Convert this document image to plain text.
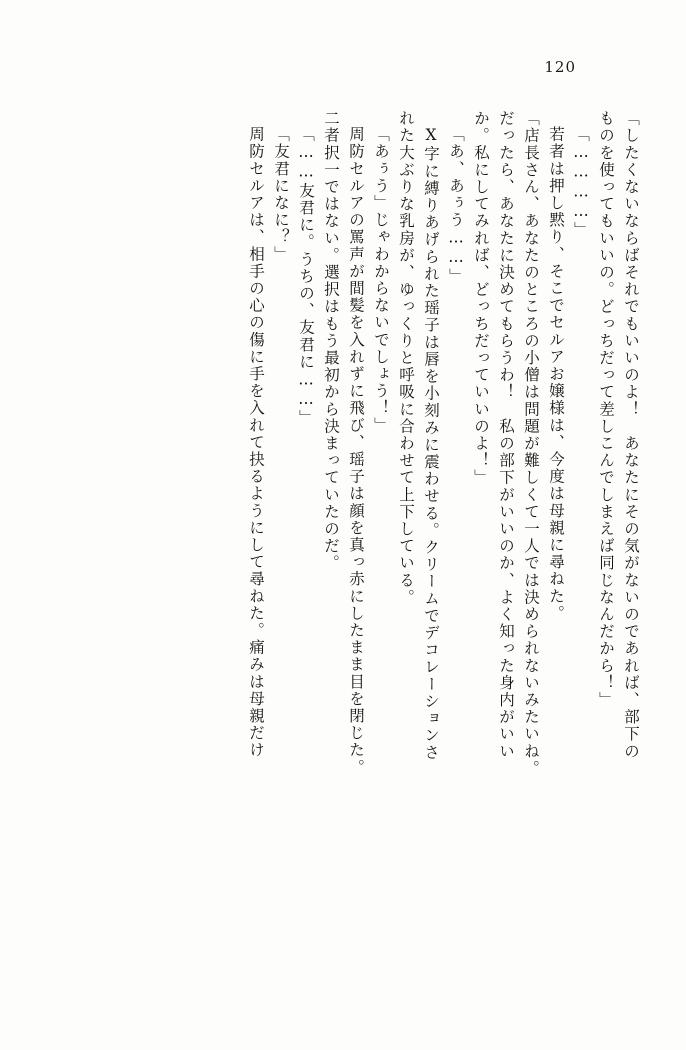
120
「したくないならばそれでもいいのよ！　あなたにその気がないのであれば、部下の
ものを使ってもいいの。どっちだって差しこんでしまえば同じなんだから！」
「…………」
若者は押し黙り、そこでセルアお嬢様は、今度は母親に尋ねた。
「店長さん、あなたのところの小僧は問題が難しくて一人では決められないみたいね。
だったら、あなたに決めてもらうわ！　私の部下がいいのか、よく知った身内がいい
か。私にしてみれば、どっちだっていいのよ！」
「あ、あぅう……」
X字に縛りあげられた瑶子は唇を小刻みに震わせる。クリームでデコレーションさ
れた大ぶりな乳房が、ゆっくりと呼吸に合わせて上下している。
「あぅう」じゃわからないでしょう！」
周防セルアの罵声が間髪を入れずに飛び、瑶子は顔を真っ赤にしたまま目を閉じた。
二者択一ではない。選択はもう最初から決まっていたのだ。
「……友君に。うちの、友君に……」
「友君になに？」
周防セルアは、相手の心の傷に手を入れて抉るようにして尋ねた。痛みは母親だけ
